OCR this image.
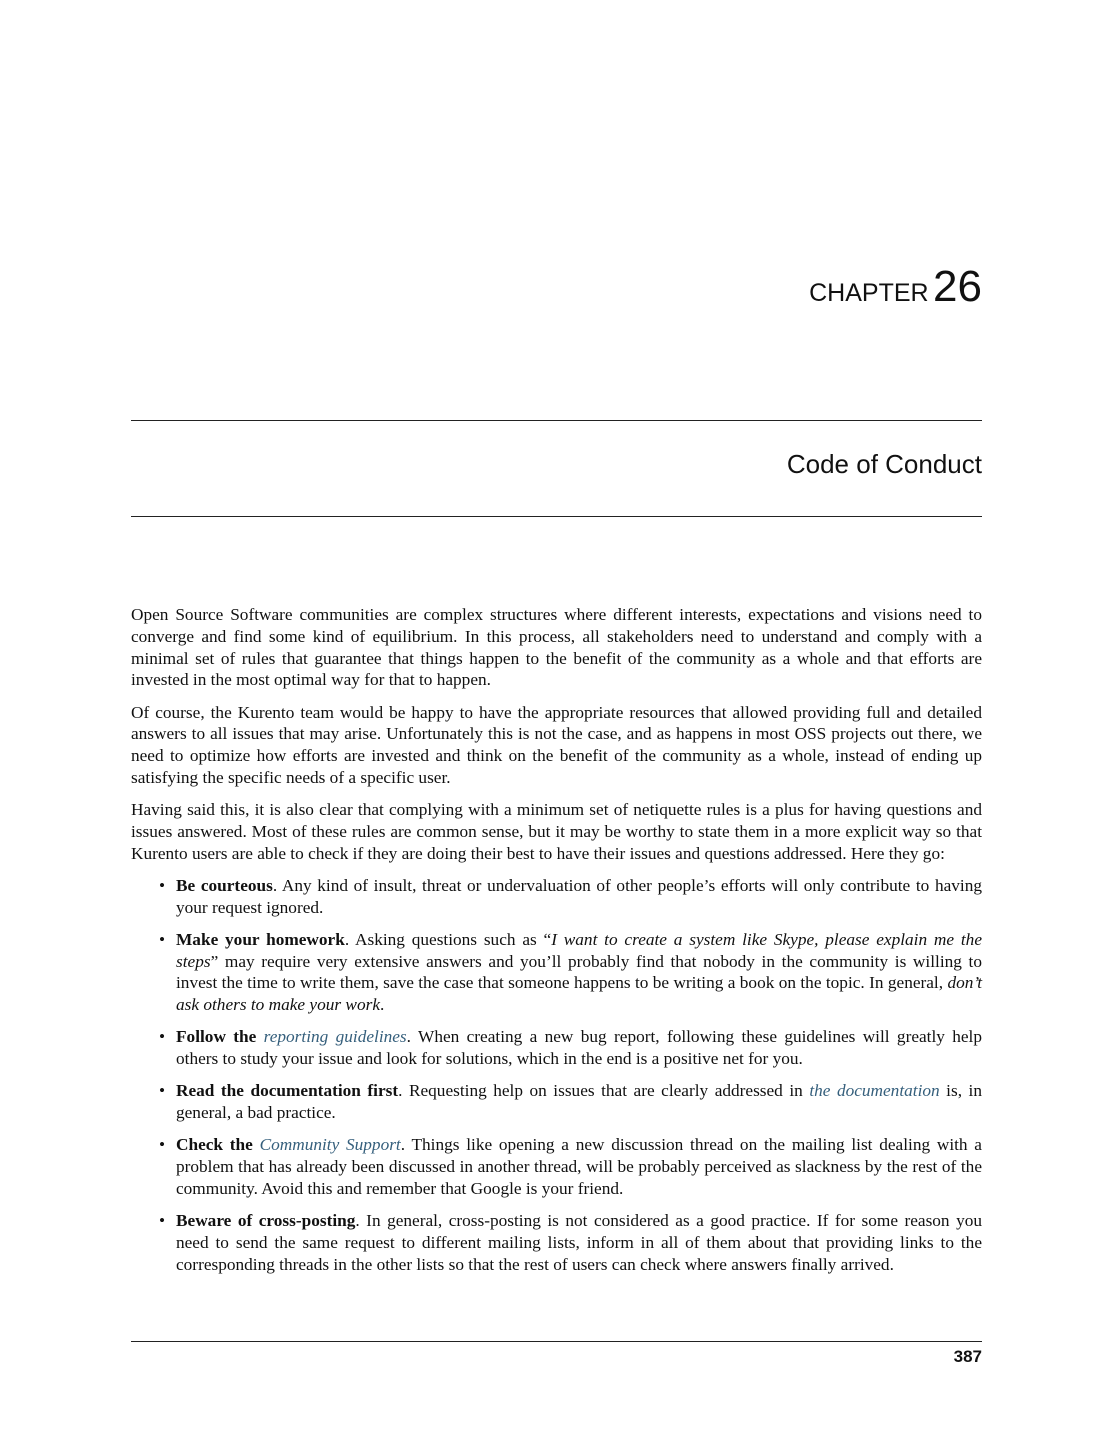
CHAPTER 26
Code of Conduct

Open Source Software communities are complex structures where different interests, expectations and visions need to converge and find some kind of equilibrium. In this process, all stakeholders need to understand and comply with a minimal set of rules that guarantee that things happen to the benefit of the community as a whole and that efforts are invested in the most optimal way for that to happen.

Of course, the Kurento team would be happy to have the appropriate resources that allowed providing full and detailed answers to all issues that may arise. Unfortunately this is not the case, and as happens in most OSS projects out there, we need to optimize how efforts are invested and think on the benefit of the community as a whole, instead of ending up satisfying the specific needs of a specific user.

Having said this, it is also clear that complying with a minimum set of netiquette rules is a plus for having questions and issues answered. Most of these rules are common sense, but it may be worthy to state them in a more explicit way so that Kurento users are able to check if they are doing their best to have their issues and questions addressed. Here they go:

• Be courteous. Any kind of insult, threat or undervaluation of other people’s efforts will only contribute to having your request ignored.
• Make your homework. Asking questions such as “I want to create a system like Skype, please explain me the steps” may require very extensive answers and you’ll probably find that nobody in the community is willing to invest the time to write them, save the case that someone happens to be writing a book on the topic. In general, don’t ask others to make your work.
• Follow the reporting guidelines. When creating a new bug report, following these guidelines will greatly help others to study your issue and look for solutions, which in the end is a positive net for you.
• Read the documentation first. Requesting help on issues that are clearly addressed in the documentation is, in general, a bad practice.
• Check the Community Support. Things like opening a new discussion thread on the mailing list dealing with a problem that has already been discussed in another thread, will be probably perceived as slackness by the rest of the community. Avoid this and remember that Google is your friend.
• Beware of cross-posting. In general, cross-posting is not considered as a good practice. If for some reason you need to send the same request to different mailing lists, inform in all of them about that providing links to the corresponding threads in the other lists so that the rest of users can check where answers finally arrived.
387
